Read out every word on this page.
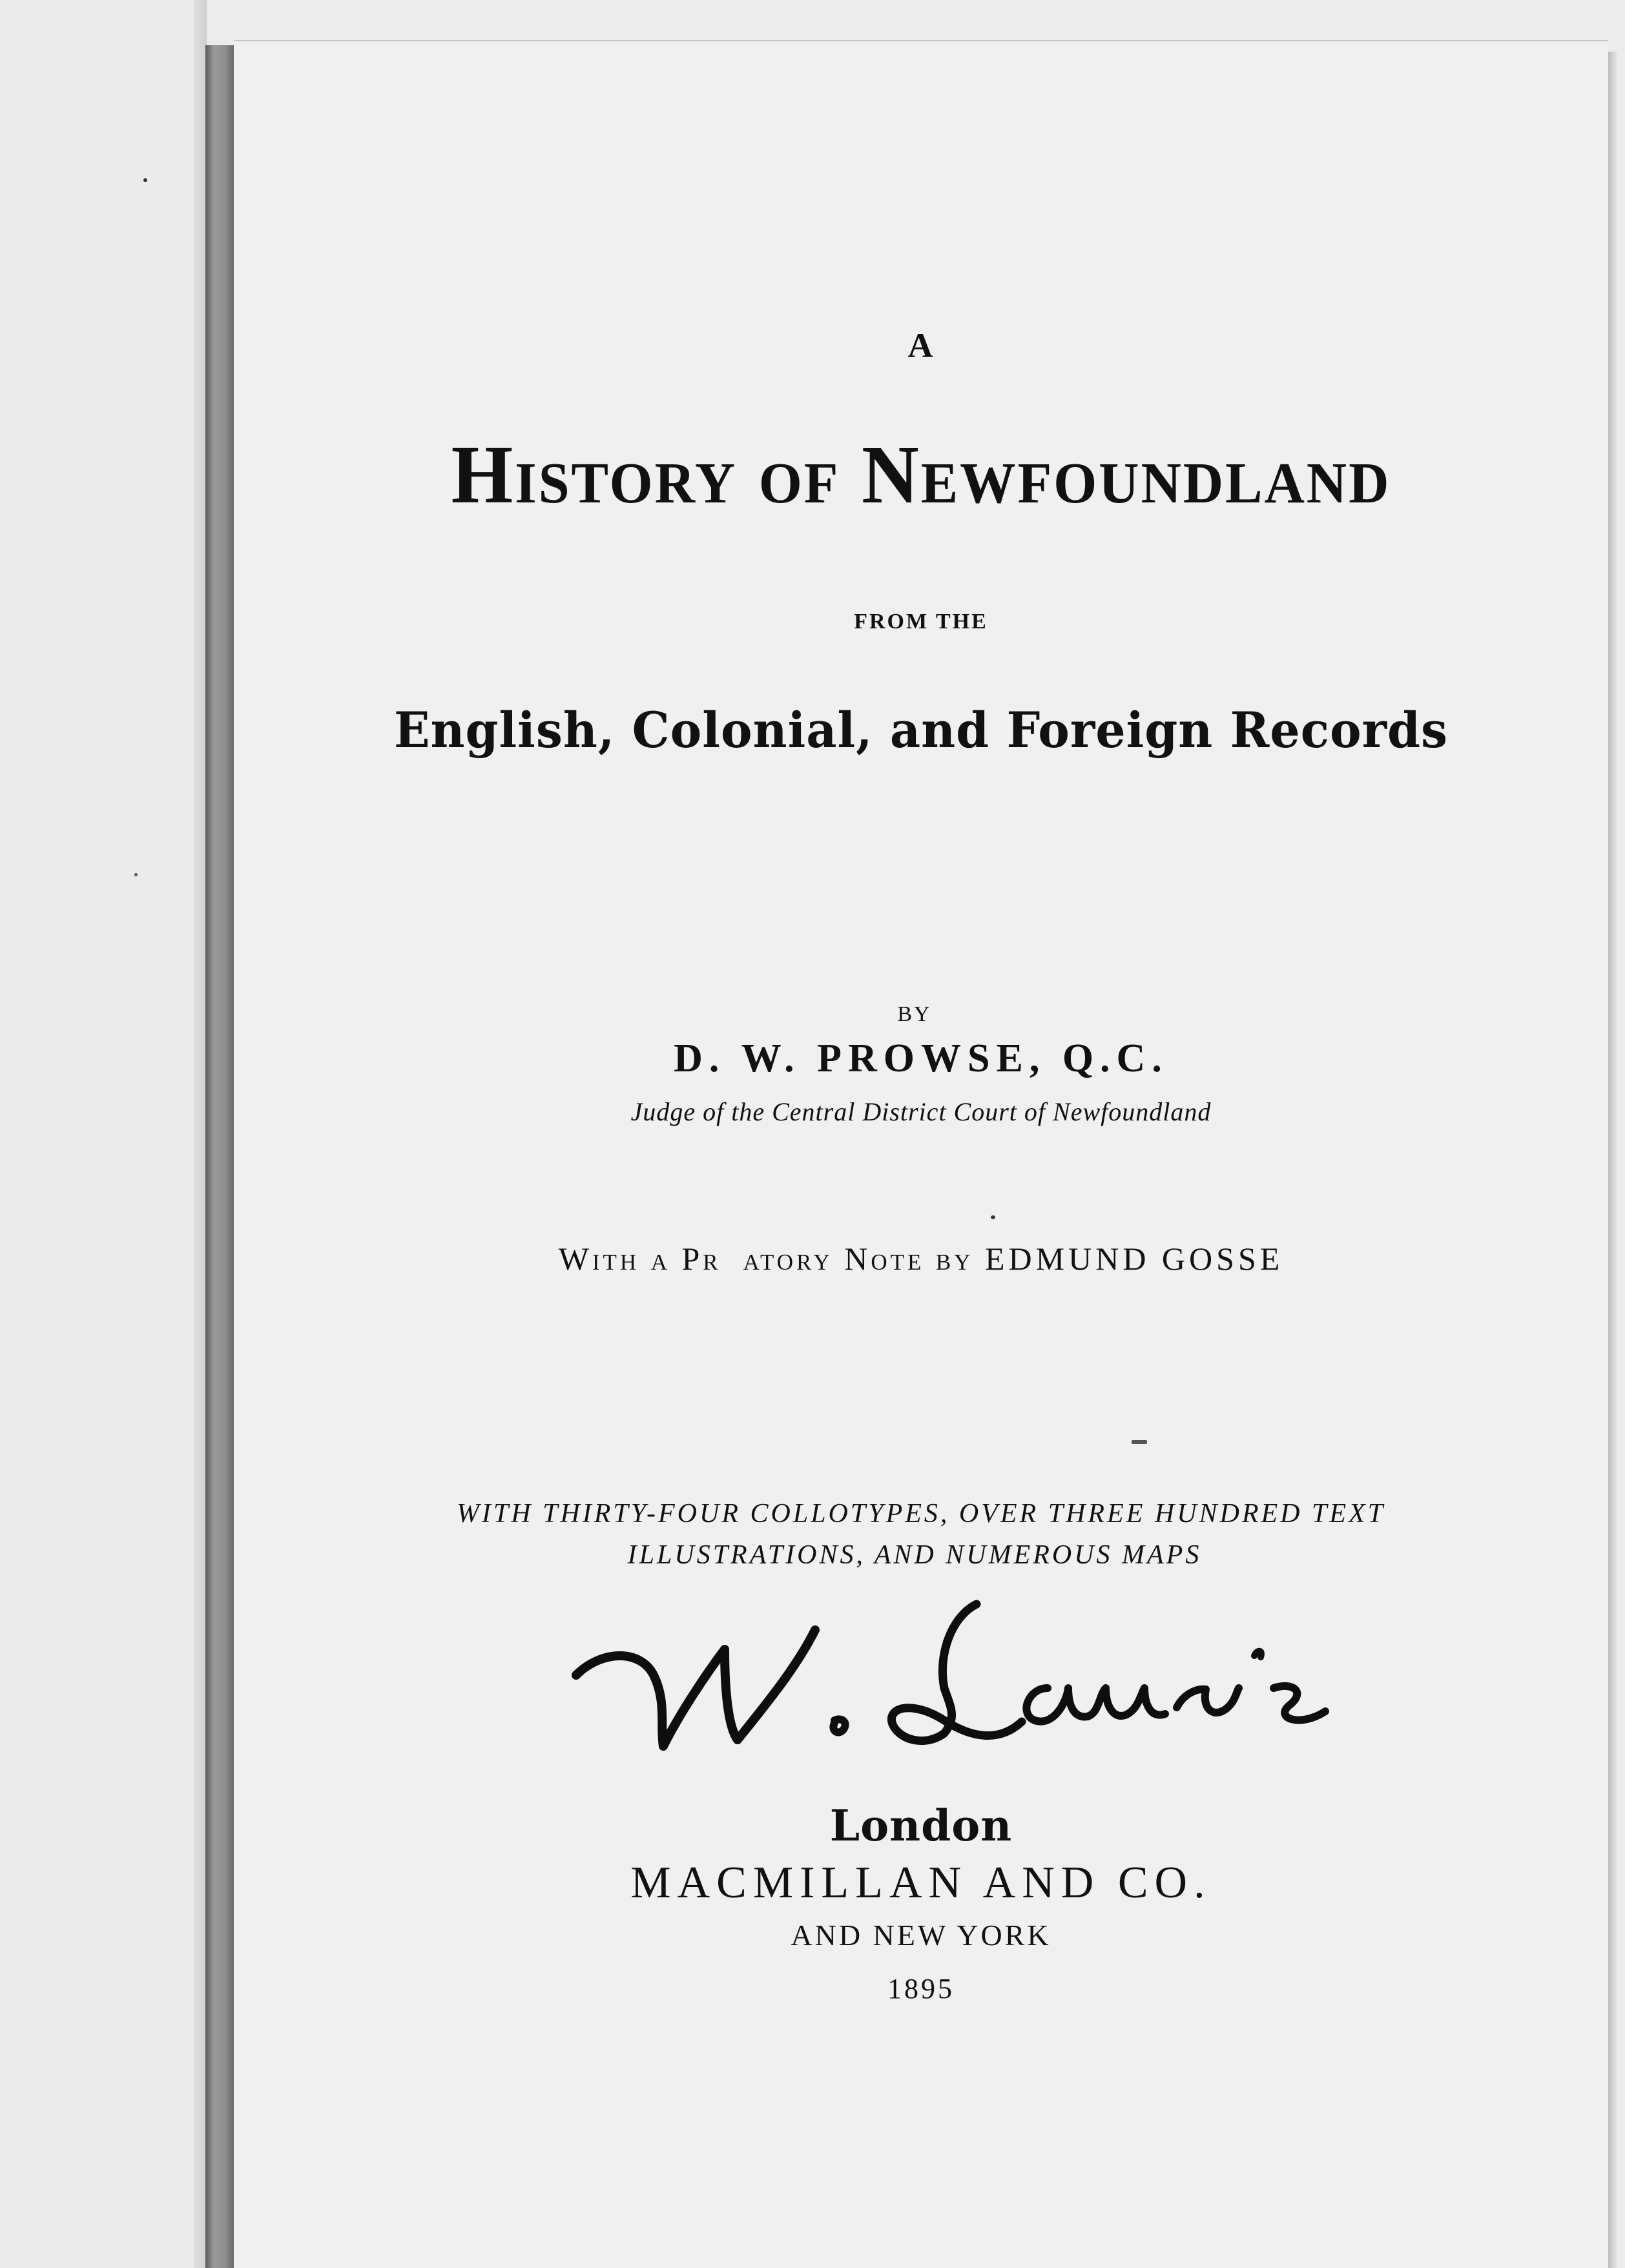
A
History of Newfoundland
FROM THE
English, Colonial, and Foreign Records
BY
D. W. PROWSE, Q.C.
Judge of the Central District Court of Newfoundland
With a Pr atory Note by EDMUND GOSSE
WITH THIRTY-FOUR COLLOTYPES, OVER THREE HUNDRED TEXT
ILLUSTRATIONS, AND NUMEROUS MAPS
London
MACMILLAN AND CO.
AND NEW YORK
1895
